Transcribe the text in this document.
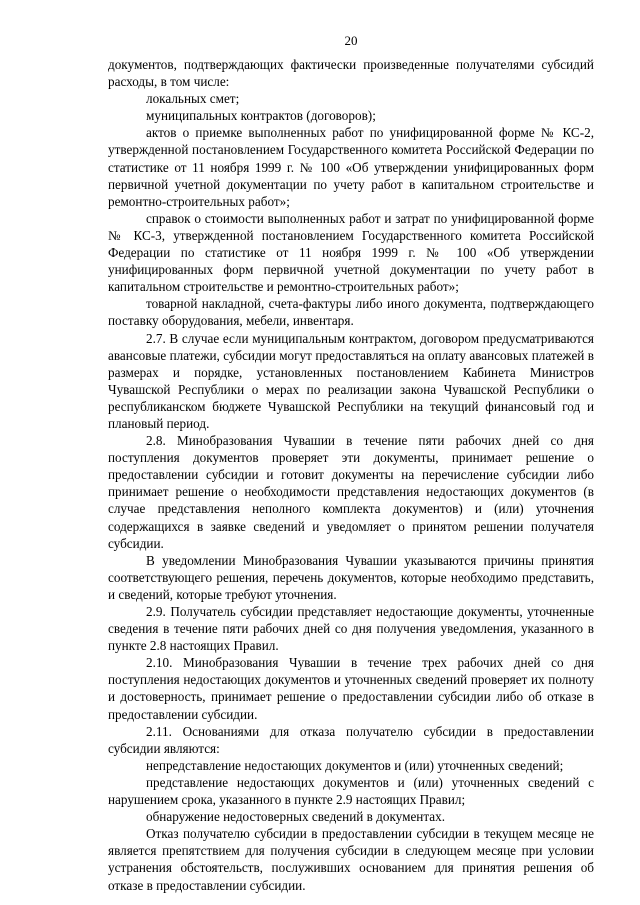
20

документов, подтверждающих фактически произведенные получателями субсидий расходы, в том числе:

локальных смет;

муниципальных контрактов (договоров);

актов о приемке выполненных работ по унифицированной форме № КС-2, утвержденной постановлением Государственного комитета Российской Федерации по статистике от 11 ноября 1999 г. № 100 «Об утверждении унифицированных форм первичной учетной документации по учету работ в капитальном строительстве и ремонтно-строительных работ»;

справок о стоимости выполненных работ и затрат по унифицированной форме № КС-3, утвержденной постановлением Государственного комитета Российской Федерации по статистике от 11 ноября 1999 г. № 100 «Об утверждении унифицированных форм первичной учетной документации по учету работ в капитальном строительстве и ремонтно-строительных работ»;

товарной накладной, счета-фактуры либо иного документа, подтверждающего поставку оборудования, мебели, инвентаря.

2.7. В случае если муниципальным контрактом, договором предусматриваются авансовые платежи, субсидии могут предоставляться на оплату авансовых платежей в размерах и порядке, установленных постановлением Кабинета Министров Чувашской Республики о мерах по реализации закона Чувашской Республики о республиканском бюджете Чувашской Республики на текущий финансовый год и плановый период.

2.8. Минобразования Чувашии в течение пяти рабочих дней со дня поступления документов проверяет эти документы, принимает решение о предоставлении субсидии и готовит документы на перечисление субсидии либо принимает решение о необходимости представления недостающих документов (в случае представления неполного комплекта документов) и (или) уточнения содержащихся в заявке сведений и уведомляет о принятом решении получателя субсидии.

В уведомлении Минобразования Чувашии указываются причины принятия соответствующего решения, перечень документов, которые необходимо представить, и сведений, которые требуют уточнения.

2.9. Получатель субсидии представляет недостающие документы, уточненные сведения в течение пяти рабочих дней со дня получения уведомления, указанного в пункте 2.8 настоящих Правил.

2.10. Минобразования Чувашии в течение трех рабочих дней со дня поступления недостающих документов и уточненных сведений проверяет их полноту и достоверность, принимает решение о предоставлении субсидии либо об отказе в предоставлении субсидии.

2.11. Основаниями для отказа получателю субсидии в предоставлении субсидии являются:

непредставление недостающих документов и (или) уточненных сведений;

представление недостающих документов и (или) уточненных сведений с нарушением срока, указанного в пункте 2.9 настоящих Правил;

обнаружение недостоверных сведений в документах.

Отказ получателю субсидии в предоставлении субсидии в текущем месяце не является препятствием для получения субсидии в следующем месяце при условии устранения обстоятельств, послуживших основанием для принятия решения об отказе в предоставлении субсидии.
